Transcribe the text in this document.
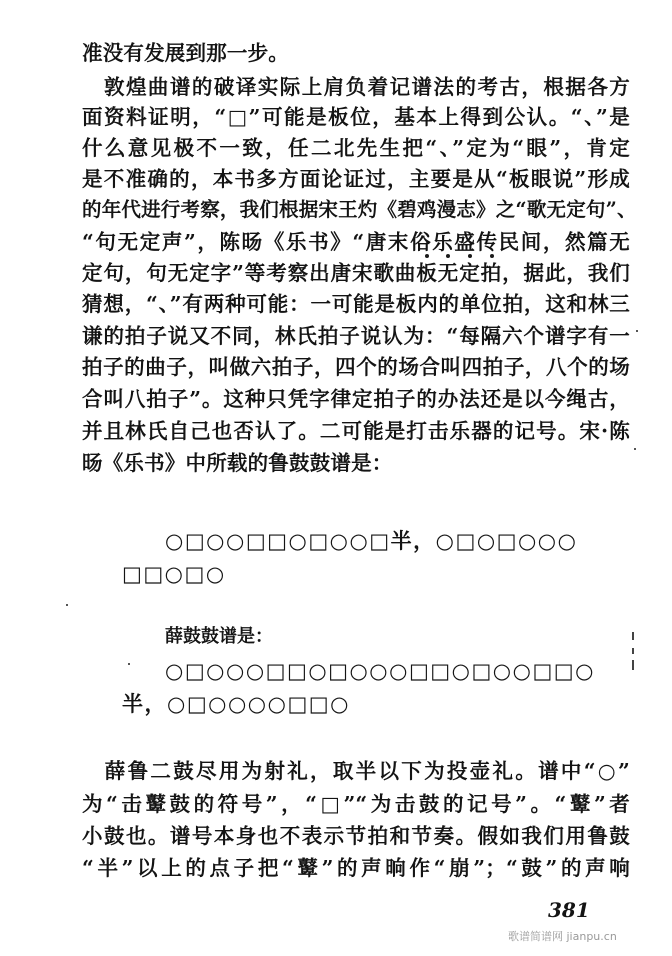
准没有发展到那一步。
　敦煌曲谱的破译实际上肩负着记谱法的考古，根据各方
面资料证明，“□”可能是板位，基本上得到公认。“、”是
什么意见极不一致，任二北先生把“、”定为“眼”，肯定
是不准确的，本书多方面论证过，主要是从“板眼说”形成
的年代进行考察，我们根据宋王灼《碧鸡漫志》之“歌无定句”、
“句无定声”，陈旸《乐书》“唐末俗乐盛传民间，然篇无
定句，句无定字”等考察出唐宋歌曲板无定拍，据此，我们
猜想，“、”有两种可能：一可能是板内的单位拍，这和林三
谦的拍子说又不同，林氏拍子说认为：“每隔六个谱字有一
拍子的曲子，叫做六拍子，四个的场合叫四拍子，八个的场
合叫八拍子”。这种只凭字律定拍子的办法还是以今绳古，
并且林氏自己也否认了。二可能是打击乐器的记号。宋·陈
旸《乐书》中所载的鲁鼓鼓谱是：
○□○○□□○□○○□半，○□○□○○○
□□○□○
薛鼓鼓谱是：
○□○○○□□○□○○○□□○□○○□□○
半，○□○○○○□□○
　薛鲁二鼓尽用为射礼，取半以下为投壶礼。谱中“○”
为“击鼙鼓的符号”，“□”“为击鼓的记号”。“鼙”者
小鼓也。谱号本身也不表示节拍和节奏。假如我们用鲁鼓
“半”以上的点子把“鼙”的声晌作“崩”；“鼓”的声响
381
歌谱简谱网 jianpu.cn
